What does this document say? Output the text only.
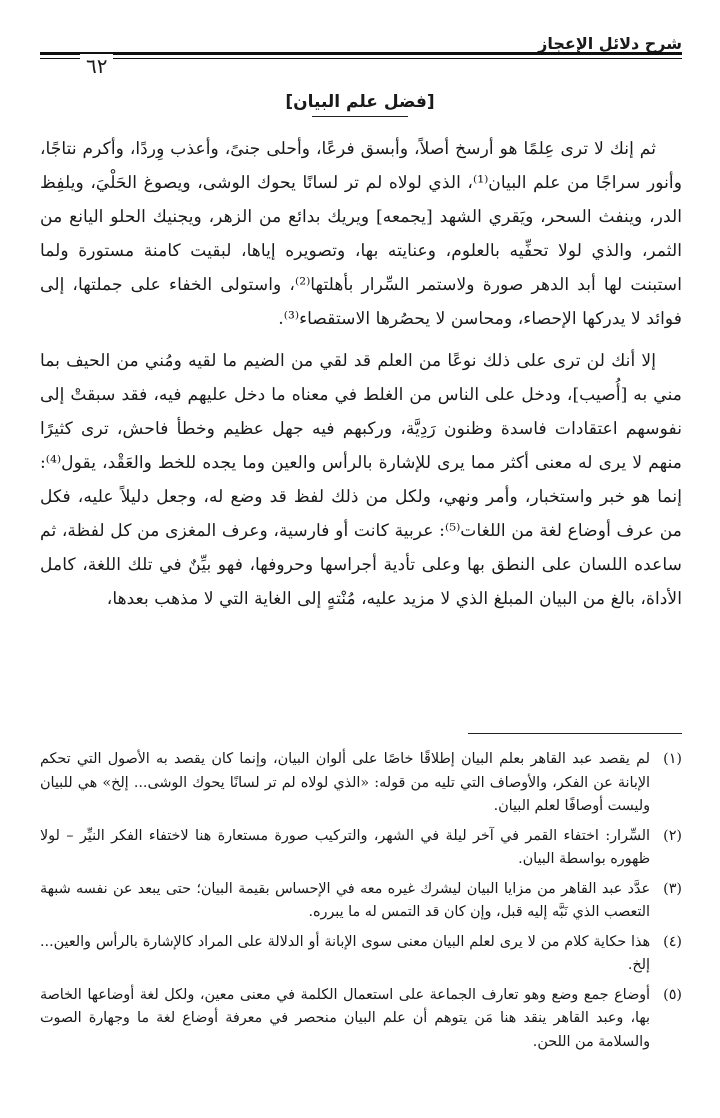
شرح دلائل الإعجاز
٦٢
[فضل علم البيان]

ثم إنك لا ترى عِلمًا هو أرسخ أصلاً، وأبسق فرعًا، وأحلى جنىً، وأعذب وِردًا، وأكرم نتاجًا، وأنور سراجًا من علم البيان⁽¹⁾، الذي لولاه لم تر لسانًا يحوك الوشى، ويصوغ الحَلْيَ، ويلفِظ الدر، وينفث السحر، ويَقري الشهد [يجمعه] ويريك بدائع من الزهر، ويجنيك الحلو اليانع من الثمر، والذي لولا تحفِّيه بالعلوم، وعنايته بها، وتصويره إياها، لبقيت كامنة مستورة ولما استبنت لها أبد الدهر صورة ولاستمر السِّرار بأهلتها⁽²⁾، واستولى الخفاء على جملتها، إلى فوائد لا يدركها الإحصاء، ومحاسن لا يحصُرها الاستقصاء⁽³⁾.

إلا أنك لن ترى على ذلك نوعًا من العلم قد لقي من الضيم ما لقيه ومُني من الحيف بما مني به [أُصيب]، ودخل على الناس من الغلط في معناه ما دخل عليهم فيه، فقد سبقتْ إلى نفوسهم اعتقادات فاسدة وظنون رَدِيَّة، وركبهم فيه جهل عظيم وخطأ فاحش، ترى كثيرًا منهم لا يرى له معنى أكثر مما يرى للإشارة بالرأس والعين وما يجده للخط والعَقْد، يقول⁽⁴⁾: إنما هو خبر واستخبار، وأمر ونهي، ولكل من ذلك لفظ قد وضع له، وجعل دليلاً عليه، فكل من عرف أوضاع لغة من اللغات⁽⁵⁾: عربية كانت أو فارسية، وعرف المغزى من كل لفظة، ثم ساعده اللسان على النطق بها وعلى تأدية أجراسها وحروفها، فهو بيِّنٌ في تلك اللغة، كامل الأداة، بالغ من البيان المبلغ الذي لا مزيد عليه، مُنْتهٍ إلى الغاية التي لا مذهب بعدها،

(١)
لم يقصد عبد القاهر بعلم البيان إطلاقًا خاصًا على ألوان البيان، وإنما كان يقصد به الأصول التي تحكم الإبانة عن الفكر، والأوصاف التي تليه من قوله: «الذي لولاه لم تر لسانًا يحوك الوشى... إلخ» هي للبيان وليست أوصافًا لعلم البيان.
(٢)
السِّرار: اختفاء القمر في آخر ليلة في الشهر، والتركيب صورة مستعارة هنا لاختفاء الفكر النيِّر – لولا ظهوره بواسطة البيان.
(٣)
عدَّد عبد القاهر من مزايا البيان ليشرك غيره معه في الإحساس بقيمة البيان؛ حتى يبعد عن نفسه شبهة التعصب الذي نَبَّه إليه قبل، وإن كان قد التمس له ما يبرره.
(٤)
هذا حكاية كلام من لا يرى لعلم البيان معنى سوى الإبانة أو الدلالة على المراد كالإشارة بالرأس والعين... إلخ.
(٥)
أوضاع جمع وضع وهو تعارف الجماعة على استعمال الكلمة في معنى معين، ولكل لغة أوضاعها الخاصة بها، وعبد القاهر ينقد هنا مَن يتوهم أن علم البيان منحصر في معرفة أوضاع لغة ما وجهارة الصوت والسلامة من اللحن.
